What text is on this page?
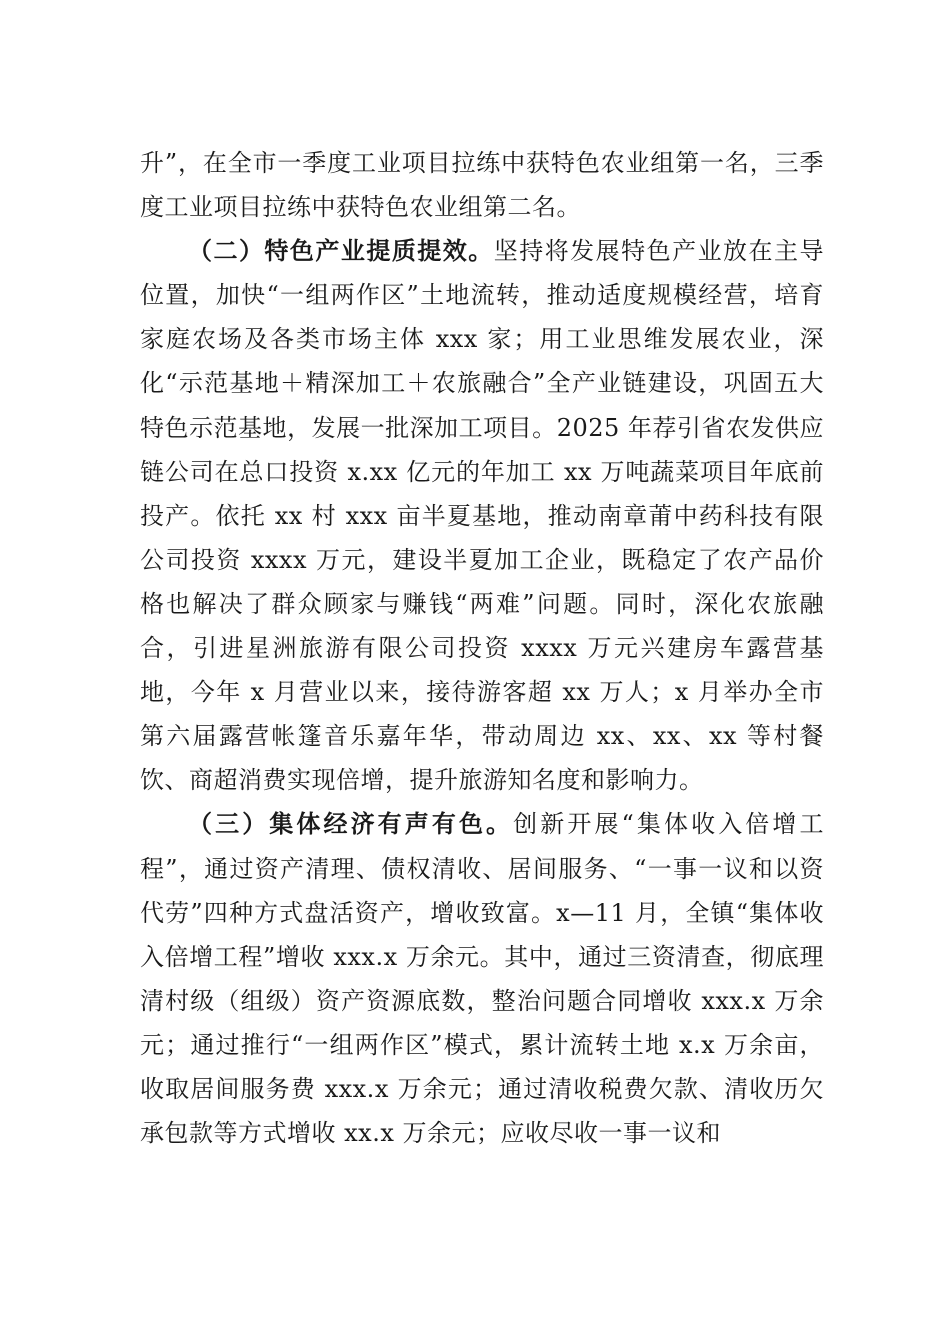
升”，在全市一季度工业项目拉练中获特色农业组第一名，三季度工业项目拉练中获特色农业组第二名。

（二）特色产业提质提效。坚持将发展特色产业放在主导位置，加快“一组两作区”土地流转，推动适度规模经营，培育家庭农场及各类市场主体 xxx 家；用工业思维发展农业，深化“示范基地＋精深加工＋农旅融合”全产业链建设，巩固五大特色示范基地，发展一批深加工项目。2025 年荐引省农发供应链公司在总口投资 x.xx 亿元的年加工 xx 万吨蔬菜项目年底前投产。依托 xx 村 xxx 亩半夏基地，推动南章莆中药科技有限公司投资 xxxx 万元，建设半夏加工企业，既稳定了农产品价格也解决了群众顾家与赚钱“两难”问题。同时，深化农旅融合，引进星洲旅游有限公司投资 xxxx 万元兴建房车露营基地，今年 x 月营业以来，接待游客超 xx 万人；x 月举办全市第六届露营帐篷音乐嘉年华，带动周边 xx、xx、xx 等村餐饮、商超消费实现倍增，提升旅游知名度和影响力。

（三）集体经济有声有色。创新开展“集体收入倍增工程”，通过资产清理、债权清收、居间服务、“一事一议和以资代劳”四种方式盘活资产，增收致富。x—11 月，全镇“集体收入倍增工程”增收 xxx.x 万余元。其中，通过三资清查，彻底理清村级（组级）资产资源底数，整治问题合同增收 xxx.x 万余元；通过推行“一组两作区”模式，累计流转土地 x.x 万余亩，收取居间服务费 xxx.x 万余元；通过清收税费欠款、清收历欠承包款等方式增收 xx.x 万余元；应收尽收一事一议和
